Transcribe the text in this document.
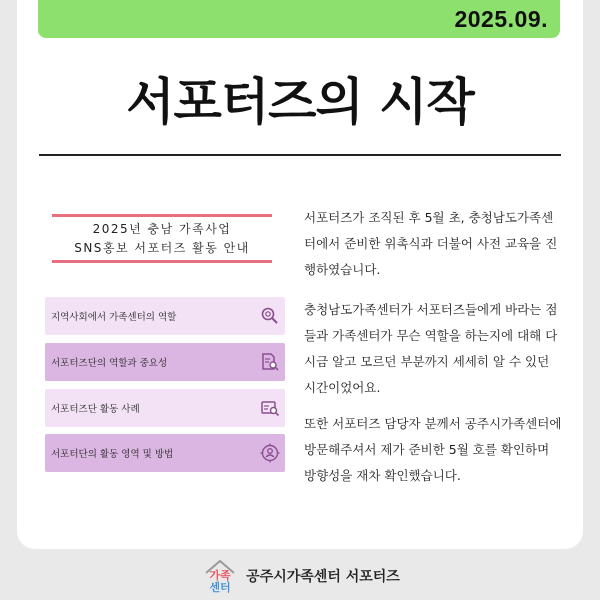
2025.09.
서포터즈의 시작
2025년 충남 가족사업
SNS홍보 서포터즈 활동 안내
지역사회에서 가족센터의 역할
서포터즈단의 역할과 중요성
서포터즈단 활동 사례
서포터단의 활동 영역 및 방법

서포터즈가 조직된 후 5월 초, 충청남도가족센터에서 준비한 위촉식과 더불어 사전 교육을 진행하였습니다.

충청남도가족센터가 서포터즈들에게 바라는 점들과 가족센터가 무슨 역할을 하는지에 대해 다시금 알고 모르던 부분까지 세세히 알 수 있던 시간이었어요.

또한 서포터즈 담당자 분께서 공주시가족센터에 방문해주셔서 제가 준비한 5월 호를 확인하며 방향성을 재차 확인했습니다.

가족
센터
공주시가족센터 서포터즈
